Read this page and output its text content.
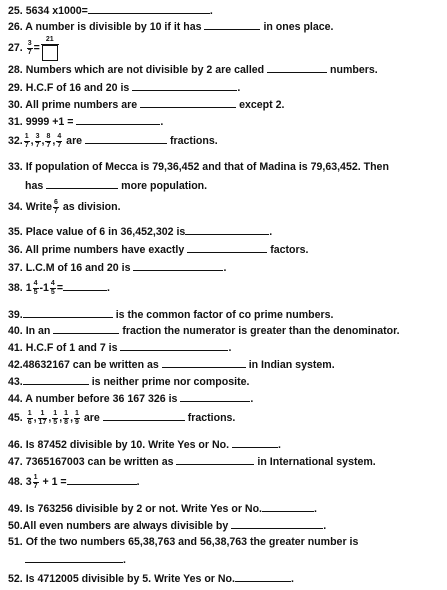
25. 5634 x1000=	.
26. A number is divisible by 10 if it has	in ones place.
27. $\frac{3}{7}$ =
21
28. Numbers which are not divisible by 2 are called	numbers.
29. H.C.F of 16 and 20 is	.
30. All prime numbers are	except 2.
31. 9999 +1 =	.
32. $\frac{1}{7}$ , $\frac{3}{7}$ , $\frac{8}{7}$ , $\frac{4}{7}$ are	fractions.
33. If population of Mecca is 79,36,452 and that of Madina is 79,63,452. Then
has	more population.
34. Write $\frac{6}{7}$ as division.
35. Place value of 6 in 36,452,302 is	.
36. All prime numbers have exactly	factors.
37. L.C.M of 16 and 20 is	.
38. $1 \frac{4}{5} -1 \frac{4}{5}$ =	.
39.	is the common factor of co prime numbers.
40. In an	fraction the numerator is greater than the denominator.
41. H.C.F of 1 and 7 is	.
42.48632167 can be written as	in Indian system.
43.	is neither prime nor composite.
44. A number before 36 167 326 is	.
45. $\frac{1}{6}$ , $\frac{1}{17}$ , $\frac{1}{5}$ , $\frac{1}{8}$ , $\frac{1}{9}$ are	fractions.
46. Is 87452 divisible by 10. Write Yes or No.	.
47. 7365167003 can be written as	in International system.
48. $3 \frac{1}{7} + 1$ =	.
49. Is 763256 divisible by 2 or not. Write Yes or No.	.
50.All even numbers are always divisible by	.
51. Of the two numbers 65,38,763 and 56,38,763 the greater number is
.
52. Is 4712005 divisible by 5. Write Yes or No.	.
